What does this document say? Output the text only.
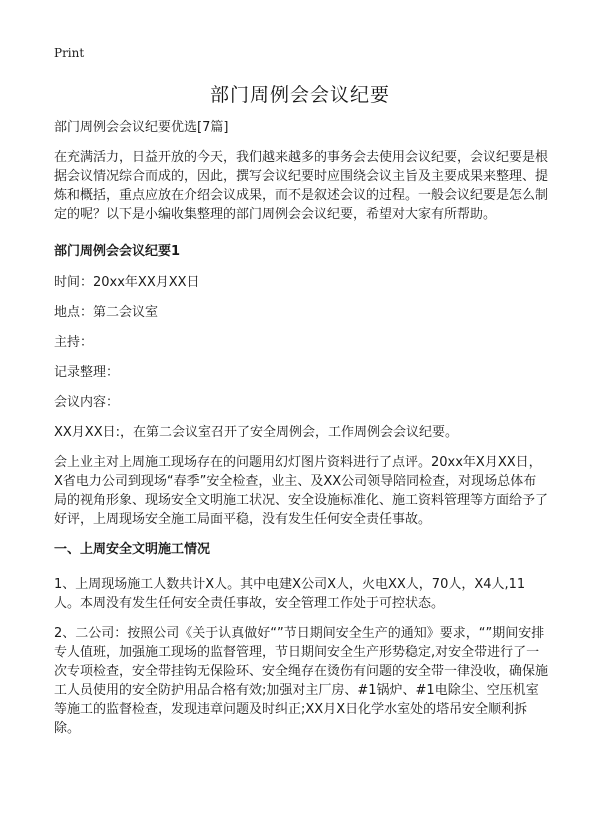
Print
部门周例会会议纪要

部门周例会会议纪要优选[7篇]

在充满活力，日益开放的今天，我们越来越多的事务会去使用会议纪要，会议纪要是根据会议情况综合而成的，因此，撰写会议纪要时应围绕会议主旨及主要成果来整理、提炼和概括，重点应放在介绍会议成果，而不是叙述会议的过程。一般会议纪要是怎么制定的呢？以下是小编收集整理的部门周例会会议纪要，希望对大家有所帮助。

部门周例会会议纪要1

时间：20xx年XX月XX日

地点：第二会议室

主持：

记录整理：

会议内容：

XX月XX日:，在第二会议室召开了安全周例会，工作周例会会议纪要。

会上业主对上周施工现场存在的问题用幻灯图片资料进行了点评。20xx年X月XX日，X省电力公司到现场“春季”安全检查，业主、及XX公司领导陪同检查，对现场总体布局的视角形象、现场安全文明施工状况、安全设施标准化、施工资料管理等方面给予了好评，上周现场安全施工局面平稳，没有发生任何安全责任事故。

一、上周安全文明施工情况

1、上周现场施工人数共计X人。其中电建X公司X人，火电XX人，70人，X4人,11人。本周没有发生任何安全责任事故，安全管理工作处于可控状态。

2、二公司：按照公司《关于认真做好“”节日期间安全生产的通知》要求，“”期间安排专人值班，加强施工现场的监督管理，节日期间安全生产形势稳定,对安全带进行了一次专项检查，安全带挂钩无保险环、安全绳存在烫伤有问题的安全带一律没收，确保施工人员使用的安全防护用品合格有效;加强对主厂房、#1锅炉、#1电除尘、空压机室等施工的监督检查，发现违章问题及时纠正;XX月X日化学水室处的塔吊安全顺利拆除。
